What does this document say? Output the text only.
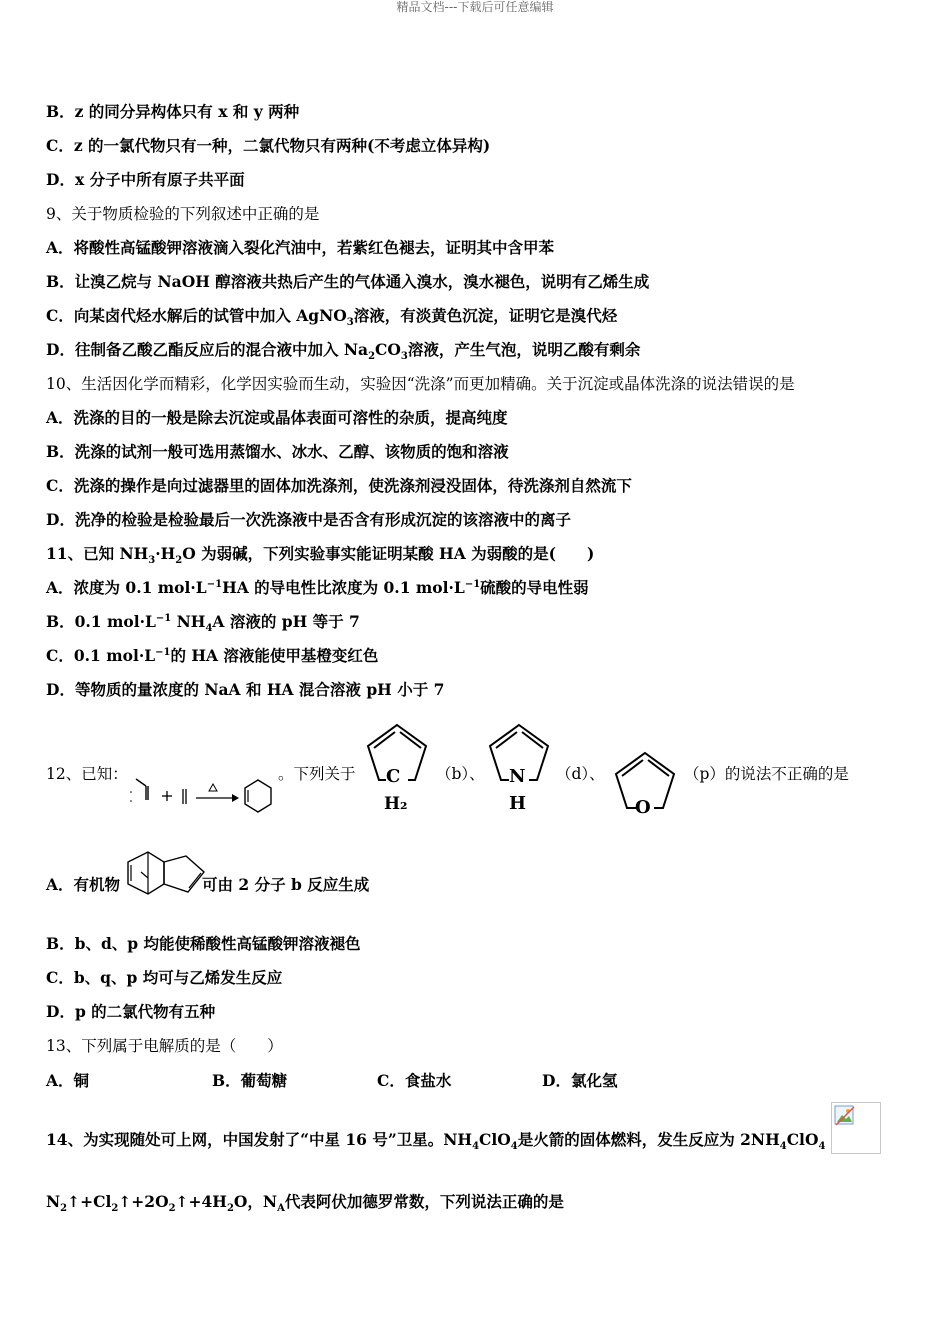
精品文档---下载后可任意编辑
B．z 的同分异构体只有 x 和 y 两种
C．z 的一氯代物只有一种，二氯代物只有两种(不考虑立体异构)
D．x 分子中所有原子共平面
9、关于物质检验的下列叙述中正确的是
A．将酸性高锰酸钾溶液滴入裂化汽油中，若紫红色褪去，证明其中含甲苯
B．让溴乙烷与 NaOH 醇溶液共热后产生的气体通入溴水，溴水褪色，说明有乙烯生成
C．向某卤代烃水解后的试管中加入 AgNO$_3$溶液，有淡黄色沉淀，证明它是溴代烃
D．往制备乙酸乙酯反应后的混合液中加入 $Na_2CO_3$溶液，产生气泡，说明乙酸有剩余
10、生活因化学而精彩，化学因实验而生动，实验因“洗涤”而更加精确。关于沉淀或晶体洗涤的说法错误的是
A．洗涤的目的一般是除去沉淀或晶体表面可溶性的杂质，提高纯度
B．洗涤的试剂一般可选用蒸馏水、冰水、乙醇、该物质的饱和溶液
C．洗涤的操作是向过滤器里的固体加洗涤剂，使洗涤剂浸没固体，待洗涤剂自然流下
D．洗净的检验是检验最后一次洗涤液中是否含有形成沉淀的该溶液中的离子
11、已知 $NH_3\cdot H_2O$ 为弱碱，下列实验事实能证明某酸 HA 为弱酸的是(　　)
A．浓度为 0.1 $mol\cdot L^{-1}HA$ 的导电性比浓度为 0.1 $mol\cdot L^{-1}$硫酸的导电性弱
B．0.1 $mol\cdot L^{-1}$ $NH_4A$ 溶液的 pH 等于 7
C．0.1 $mol\cdot L^{-1}$的 HA 溶液能使甲基橙变红色
D．等物质的量浓度的 NaA 和 HA 混合溶液 pH 小于 7
12、已知：	。下列关于 C
H₂
（b）、 N
H
（d）、
O
（p）的说法不正确的是
A．有机物	可由 2 分子 b 反应生成
B．b、d、p 均能使稀酸性高锰酸钾溶液褪色
C．b、q、p 均可与乙烯发生反应
D．p 的二氯代物有五种
13、下列属于电解质的是（　　）
A．铜	B．葡萄糖	C．食盐水	D．氯化氢
14、为实现随处可上网，中国发射了“中星 16 号”卫星。$NH_4ClO_4$是火箭的固体燃料，发生反应为 $2NH_4ClO_4$
$N_2↑+Cl_2↑+2O_2↑+4H_2O$，$N_A$代表阿伏加德罗常数，下列说法正确的是
